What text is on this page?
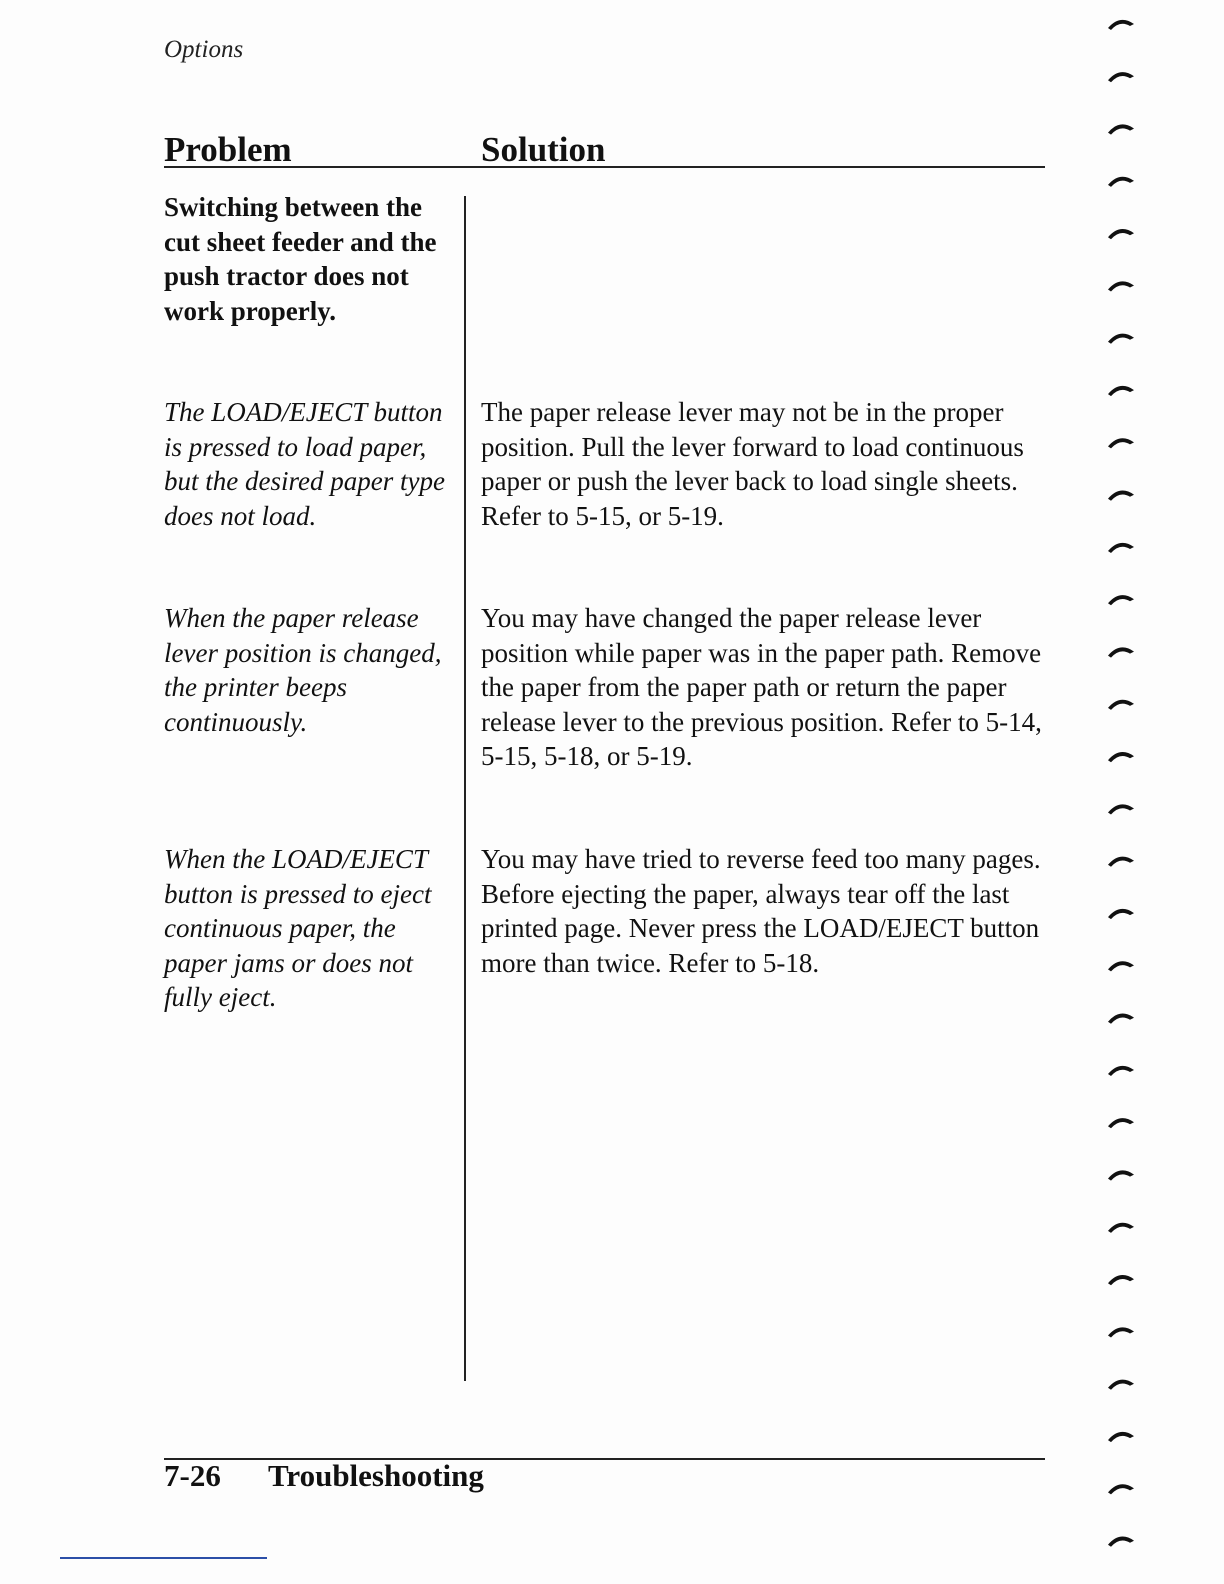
Options
Problem	Solution

Switching between the cut sheet feeder and the push tractor does not work properly.

The LOAD/EJECT button is pressed to load paper, but the desired paper type does not load.

The paper release lever may not be in the proper position. Pull the lever forward to load continuous paper or push the lever back to load single sheets. Refer to 5-15, or 5-19.

When the paper release lever position is changed, the printer beeps continuously.

You may have changed the paper release lever position while paper was in the paper path. Remove the paper from the paper path or return the paper release lever to the previous position. Refer to 5-14, 5-15, 5-18, or 5-19.

When the LOAD/EJECT button is pressed to eject continuous paper, the paper jams or does not fully eject.

You may have tried to reverse feed too many pages. Before ejecting the paper, always tear off the last printed page. Never press the LOAD/EJECT button more than twice. Refer to 5-18.

7-26 Troubleshooting
